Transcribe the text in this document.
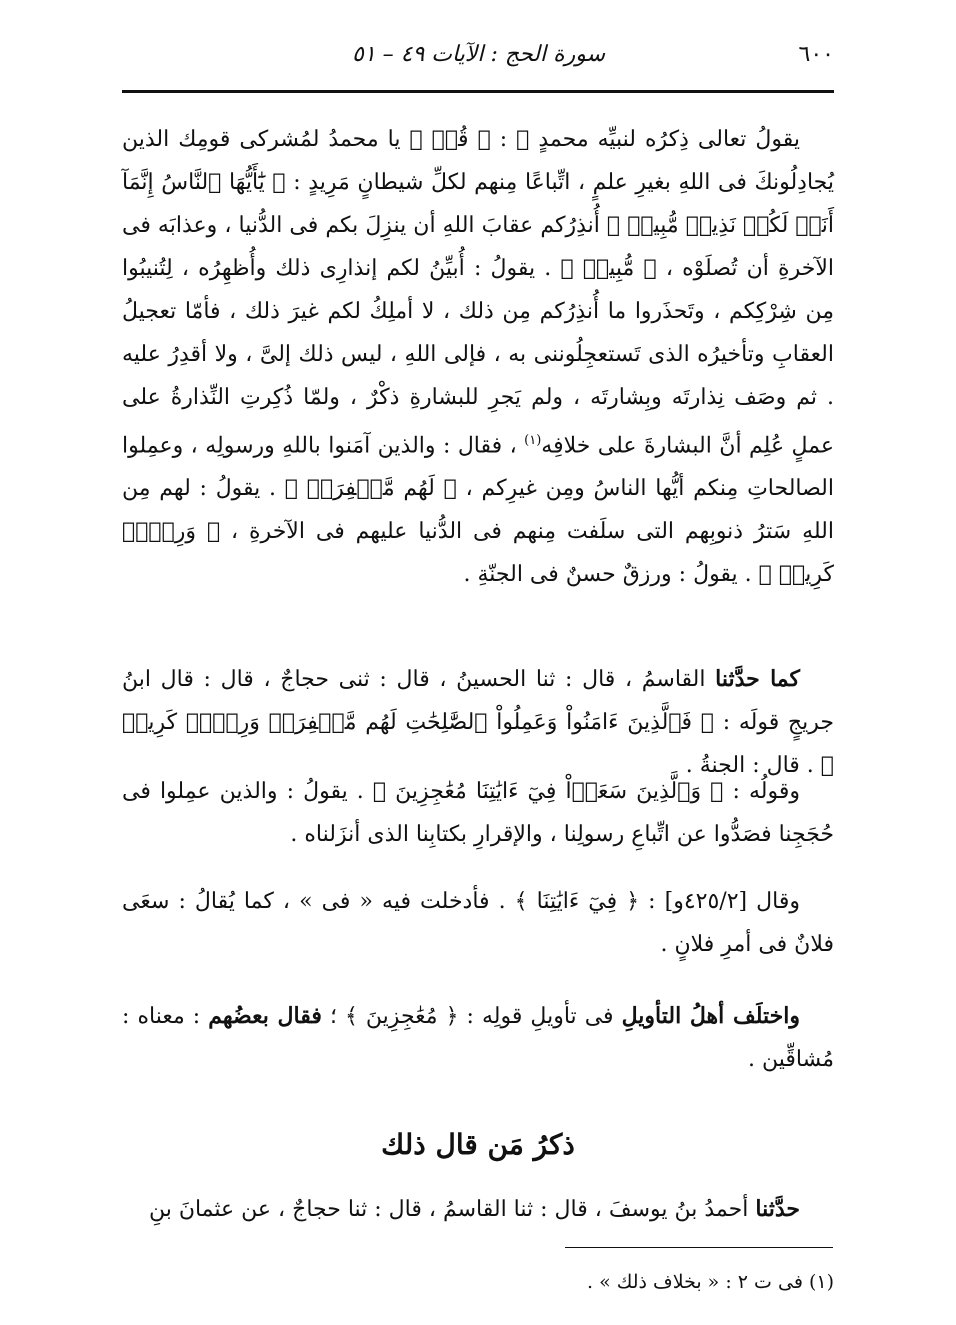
٦٠٠
سورة الحج : الآيات ٤٩ – ٥١

يقولُ تعالى ذِكرُه لنبيِّه محمدٍ ﷺ : ﴿ قُلۡ ﴾ يا محمدُ لمُشركى قومِك الذين يُجادِلُونكَ فى اللهِ بغيرِ علمٍ ، اتِّباعًا مِنهم لكلِّ شيطانٍ مَرِيدٍ : ﴿ يَٰٓأَيُّهَا ٱلنَّاسُ إِنَّمَآ أَنَا۠ لَكُمۡ نَذِيرٞ مُّبِينٞ ﴾ أُنذِرُكم عقابَ اللهِ أن ينزِلَ بكم فى الدُّنيا ، وعذابَه فى الآخرةِ أن تُصلَوْه ، ﴿ مُّبِينٞ ﴾ . يقولُ : أُبيِّنُ لكم إنذارِى ذلك وأُظهِرُه ، لِتُنيبُوا مِن شِرْكِكم ، وتَحذَروا ما أُنذِرُكم مِن ذلك ، لا أملِكُ لكم غيرَ ذلك ، فأمّا تعجيلُ العقابِ وتأخيرُه الذى تَستعجِلُوننى به ، فإلى اللهِ ، ليس ذلك إلىَّ ، ولا أقدِرُ عليه . ثم وصَف نِذارتَه وبِشارتَه ، ولم يَجرِ للبشارةِ ذكْرٌ ، ولمّا ذُكِرتِ النِّذارةُ على عملٍ عُلِم أنَّ البشارةَ على خلافِه$^{(١)}$ ، فقال : والذين آمَنوا باللهِ ورسولِه ، وعمِلوا الصالحاتِ مِنكم أيُّها الناسُ ومِن غيرِكم ، ﴿ لَهُم مَّغۡفِرَةٞ ﴾ . يقولُ : لهم مِن اللهِ سَترُ ذنوبِهم التى سلَفت مِنهم فى الدُّنيا عليهم فى الآخرةِ ، ﴿ وَرِزۡقٞ كَرِيمٞ ﴾ . يقولُ : ورزقٌ حسنٌ فى الجنّةِ .

كما حدَّثنا القاسمُ ، قال : ثنا الحسينُ ، قال : ثنى حجاجٌ ، قال : قال ابنُ جريجٍ قولَه : ﴿ فَٱلَّذِينَ ءَامَنُواْ وَعَمِلُواْ ٱلصَّٰلِحَٰتِ لَهُم مَّغۡفِرَةٞ وَرِزۡقٞ كَرِيمٞ ﴾ . قال : الجنةُ .

وقولُه : ﴿ وَٱلَّذِينَ سَعَوۡاْ فِيٓ ءَايَٰتِنَا مُعَٰجِزِينَ ﴾ . يقولُ : والذين عمِلوا فى حُجَجِنا فصَدُّوا عن اتِّباعِ رسولِنا ، والإقرارِ بكتابِنا الذى أنزَلناه .

وقال [٤٢٥/٢و] : ﴿ فِيٓ ءَايَٰتِنَا ﴾ . فأدخلت فيه « فى » ، كما يُقالُ : سعَى فلانٌ فى أمرِ فلانٍ .

واختلَف أهلُ التأويلِ فى تأويلِ قولِه : ﴿ مُعَٰجِزِينَ ﴾ ؛ فقال بعضُهم : معناه : مُشاقِّين .

ذكرُ مَن قال ذلك

حدَّثنا أحمدُ بنُ يوسفَ ، قال : ثنا القاسمُ ، قال : ثنا حجاجٌ ، عن عثمانَ بنِ

(١) فى ت ٢ : « بخلاف ذلك » .
